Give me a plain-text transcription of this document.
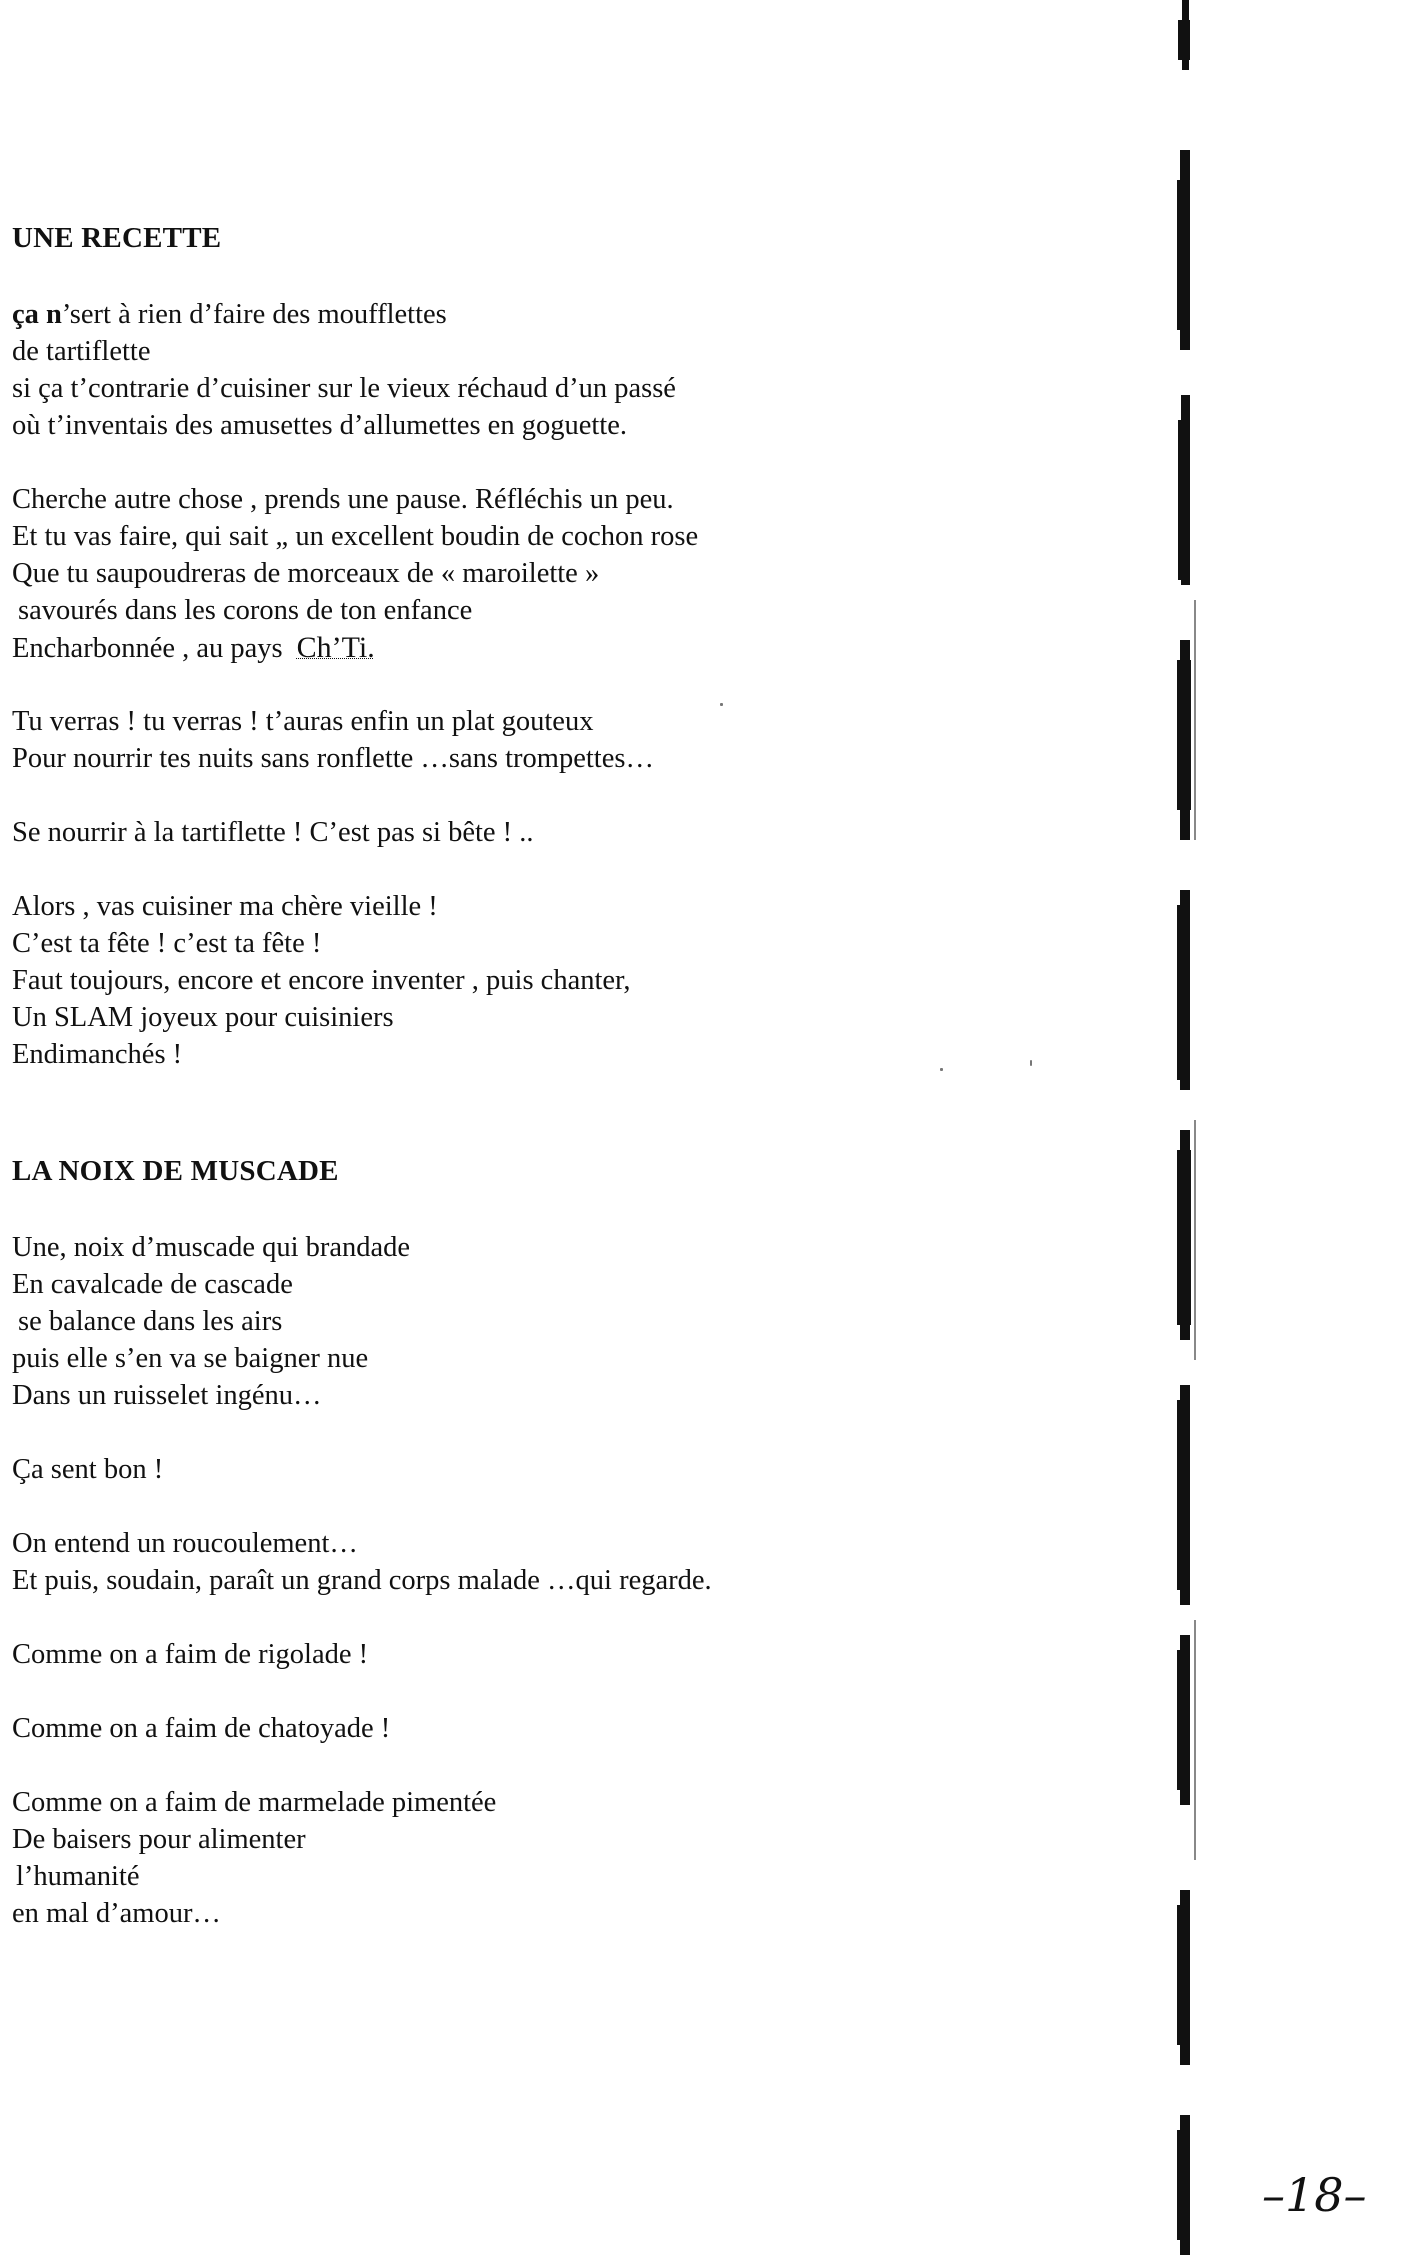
UNE RECETTE
ça n’sert à rien d’faire des moufflettes
de tartiflette
si ça t’contrarie d’cuisiner sur le vieux réchaud d’un passé
où t’inventais des amusettes d’allumettes en goguette.
Cherche autre chose , prends une pause. Réfléchis un peu.
Et tu vas faire, qui sait „ un excellent boudin de cochon rose
Que tu saupoudreras de morceaux de « maroilette »
savourés dans les corons de ton enfance
Encharbonnée , au pays Ch’Ti.
Tu verras ! tu verras ! t’auras enfin un plat gouteux
Pour nourrir tes nuits sans ronflette …sans trompettes…
Se nourrir à la tartiflette ! C’est pas si bête ! ..
Alors , vas cuisiner ma chère vieille !
C’est ta fête ! c’est ta fête !
Faut toujours, encore et encore inventer , puis chanter,
Un SLAM joyeux pour cuisiniers
Endimanchés !
LA NOIX DE MUSCADE
Une, noix d’muscade qui brandade
En cavalcade de cascade
se balance dans les airs
puis elle s’en va se baigner nue
Dans un ruisselet ingénu…
Ça sent bon !
On entend un roucoulement…
Et puis, soudain, paraît un grand corps malade …qui regarde.
Comme on a faim de rigolade !
Comme on a faim de chatoyade !
Comme on a faim de marmelade pimentée
De baisers pour alimenter
l’humanité
en mal d’amour…
–18–
